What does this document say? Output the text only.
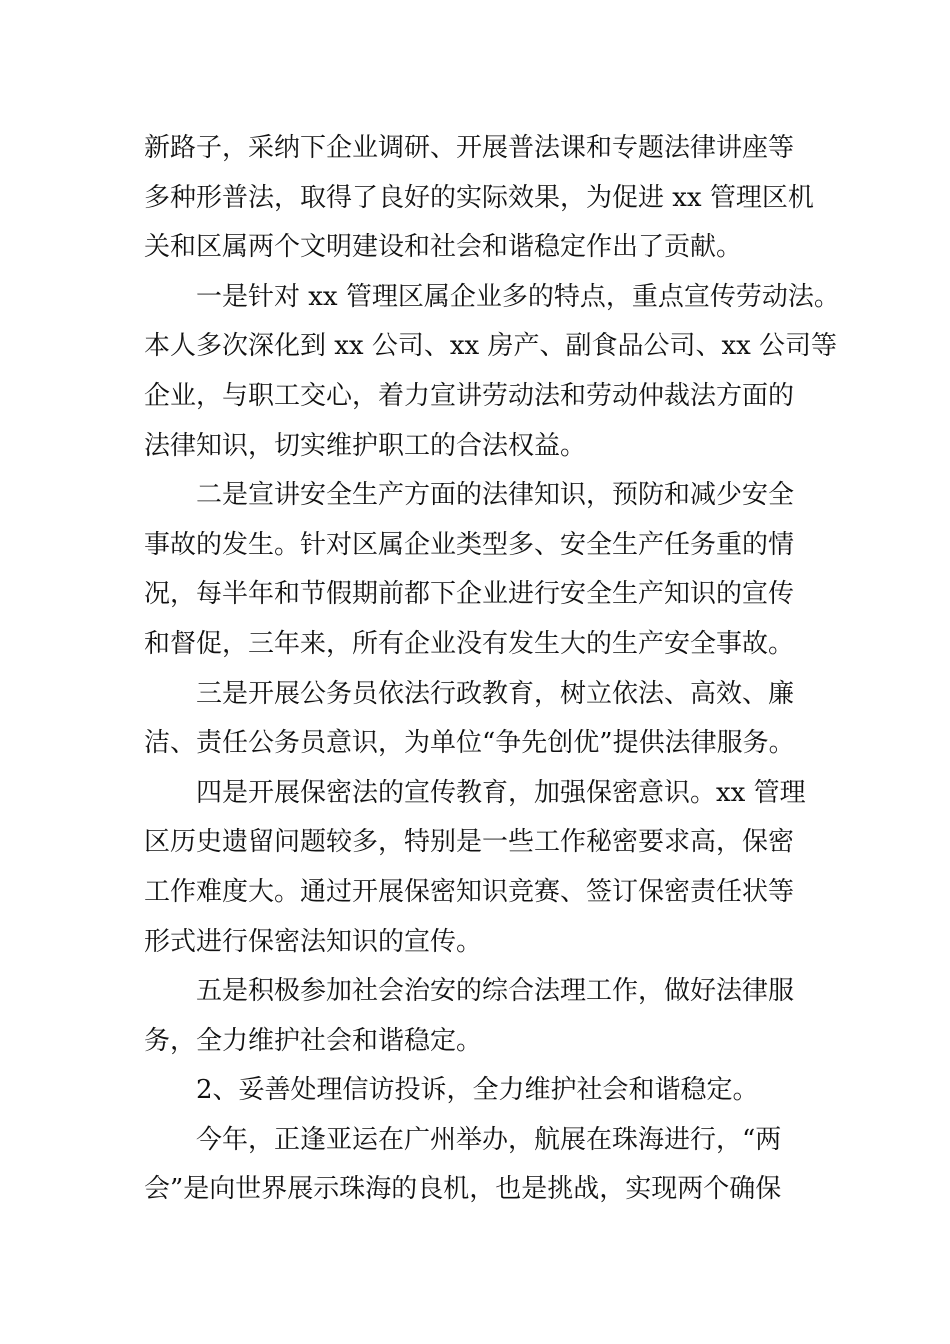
新路子，采纳下企业调研、开展普法课和专题法律讲座等
多种形普法，取得了良好的实际效果，为促进 xx 管理区机
关和区属两个文明建设和社会和谐稳定作出了贡献。
一是针对 xx 管理区属企业多的特点，重点宣传劳动法。
本人多次深化到 xx 公司、xx 房产、副食品公司、xx 公司等
企业，与职工交心，着力宣讲劳动法和劳动仲裁法方面的
法律知识，切实维护职工的合法权益。
二是宣讲安全生产方面的法律知识，预防和减少安全
事故的发生。针对区属企业类型多、安全生产任务重的情
况，每半年和节假期前都下企业进行安全生产知识的宣传
和督促，三年来，所有企业没有发生大的生产安全事故。
三是开展公务员依法行政教育，树立依法、高效、廉
洁、责任公务员意识，为单位“争先创优”提供法律服务。
四是开展保密法的宣传教育，加强保密意识。xx 管理
区历史遗留问题较多，特别是一些工作秘密要求高，保密
工作难度大。通过开展保密知识竞赛、签订保密责任状等
形式进行保密法知识的宣传。
五是积极参加社会治安的综合法理工作，做好法律服
务，全力维护社会和谐稳定。
2、妥善处理信访投诉，全力维护社会和谐稳定。
今年，正逢亚运在广州举办，航展在珠海进行，“两
会”是向世界展示珠海的良机，也是挑战，实现两个确保
